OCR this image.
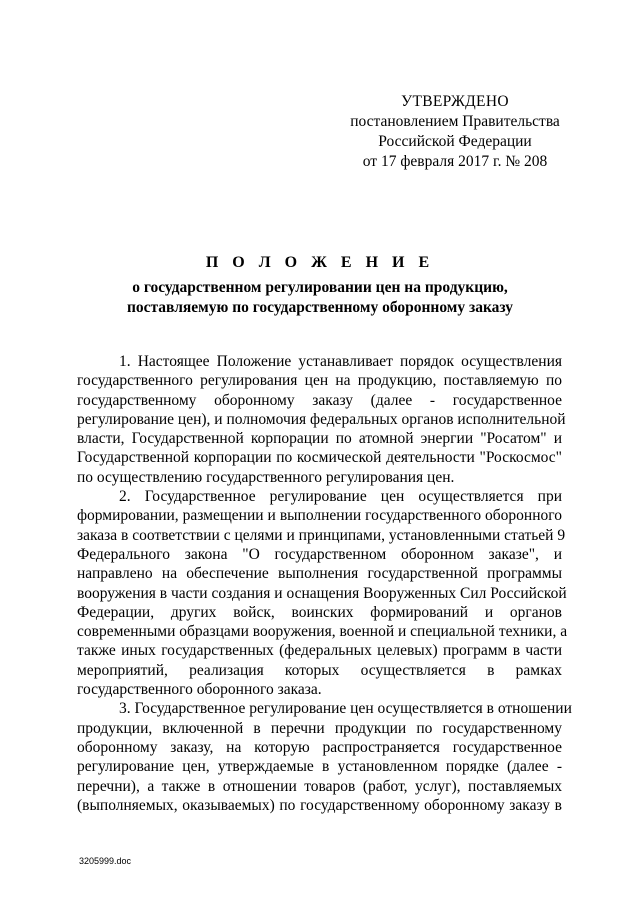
УТВЕРЖДЕНО
постановлением Правительства
Российской Федерации
от 17 февраля 2017 г. № 208
П О Л О Ж Е Н И Е
о государственном регулировании цен на продукцию,
поставляемую по государственному оборонному заказу
1. Настоящее Положение устанавливает порядок осуществления
государственного регулирования цен на продукцию, поставляемую по
государственному оборонному заказу (далее - государственное
регулирование цен), и полномочия федеральных органов исполнительной
власти, Государственной корпорации по атомной энергии "Росатом" и
Государственной корпорации по космической деятельности "Роскосмос"
по осуществлению государственного регулирования цен.
2. Государственное регулирование цен осуществляется при
формировании, размещении и выполнении государственного оборонного
заказа в соответствии с целями и принципами, установленными статьей 9
Федерального закона "О государственном оборонном заказе", и
направлено на обеспечение выполнения государственной программы
вооружения в части создания и оснащения Вооруженных Сил Российской
Федерации, других войск, воинских формирований и органов
современными образцами вооружения, военной и специальной техники, а
также иных государственных (федеральных целевых) программ в части
мероприятий, реализация которых осуществляется в рамках
государственного оборонного заказа.
3. Государственное регулирование цен осуществляется в отношении
продукции, включенной в перечни продукции по государственному
оборонному заказу, на которую распространяется государственное
регулирование цен, утверждаемые в установленном порядке (далее -
перечни), а также в отношении товаров (работ, услуг), поставляемых
(выполняемых, оказываемых) по государственному оборонному заказу в
3205999.doc
